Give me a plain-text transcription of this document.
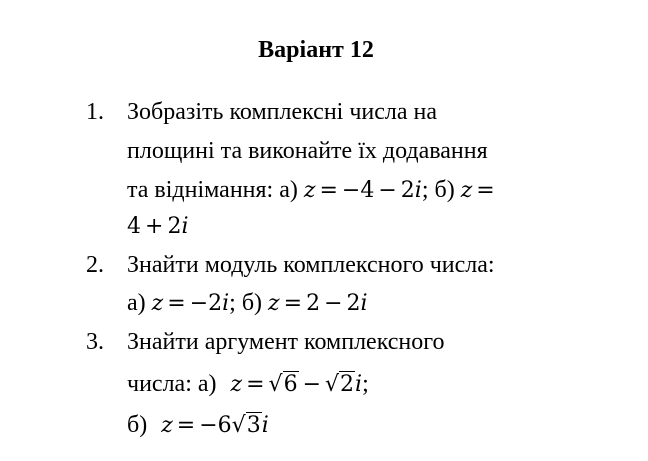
Варіант 12
1. Зобразіть комплексні числа на
площині та виконайте їх додавання
та віднімання: а) z = −4 − 2i; б) z =
4 + 2i
2. Знайти модуль комплексного числа:
а) z = −2i; б) z = 2 − 2i
3. Знайти аргумент комплексного
числа: а) z = √6 − √2i;
б) z = −6√3i
